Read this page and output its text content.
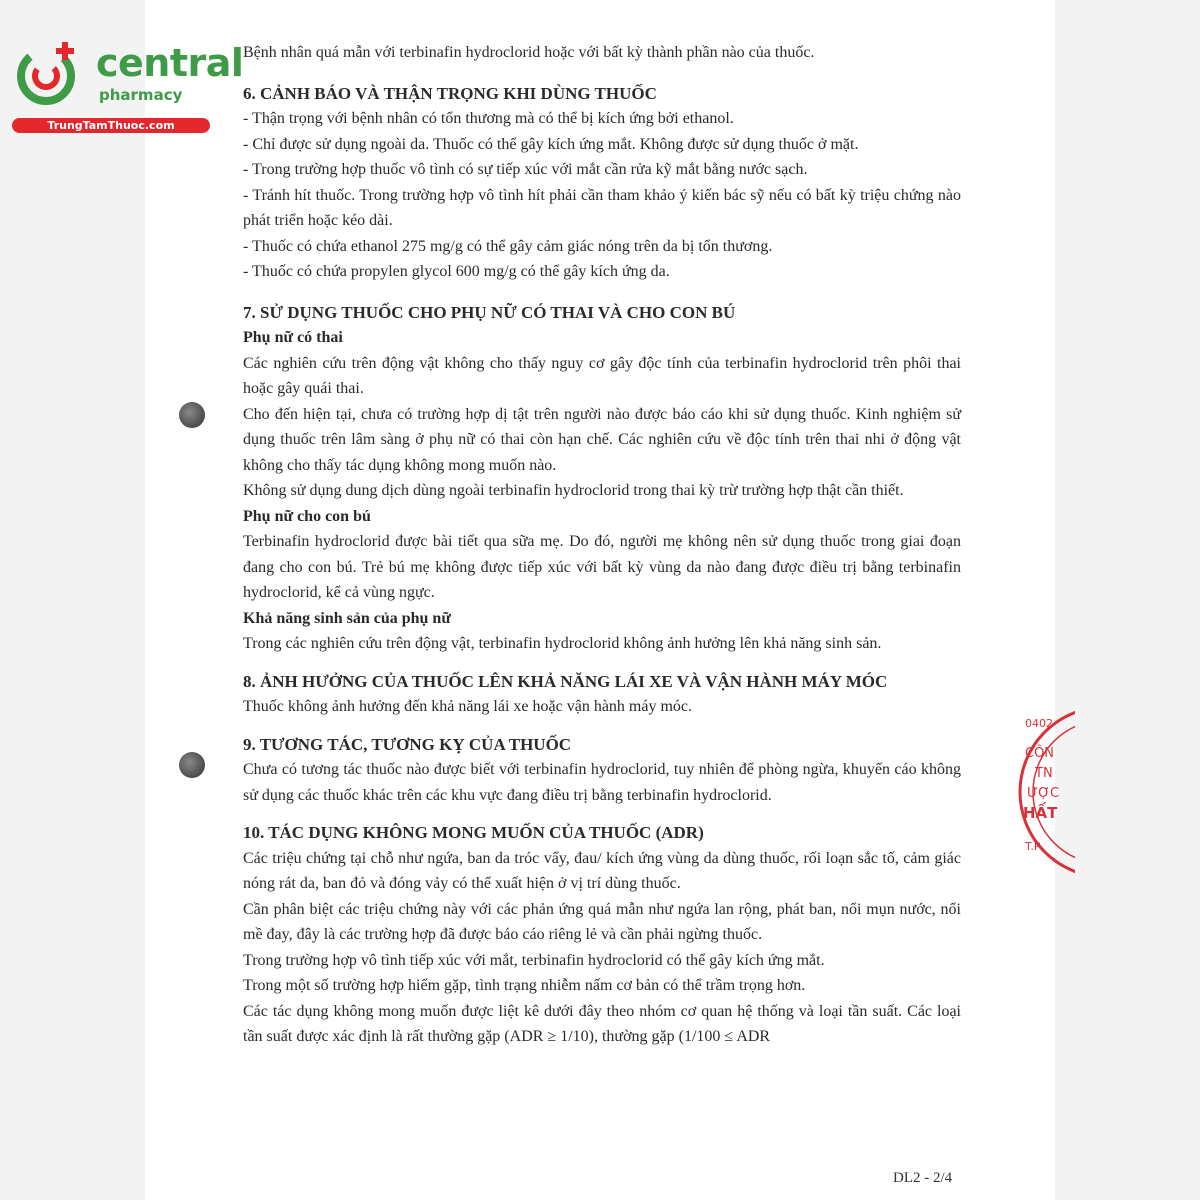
central
pharmacy
TrungTamThuoc.com
0402
CÔN
TN
ƯỢC
HẤT
T.P

Bệnh nhân quá mẫn với terbinafin hydroclorid hoặc với bất kỳ thành phần nào của thuốc.

6. CẢNH BÁO VÀ THẬN TRỌNG KHI DÙNG THUỐC

- Thận trọng với bệnh nhân có tổn thương mà có thể bị kích ứng bởi ethanol.

- Chỉ được sử dụng ngoài da. Thuốc có thể gây kích ứng mắt. Không được sử dụng thuốc ở mặt.

- Trong trường hợp thuốc vô tình có sự tiếp xúc với mắt cần rửa kỹ mắt bằng nước sạch.

- Tránh hít thuốc. Trong trường hợp vô tình hít phải cần tham khảo ý kiến bác sỹ nếu có bất kỳ triệu chứng nào phát triển hoặc kéo dài.

- Thuốc có chứa ethanol 275 mg/g có thể gây cảm giác nóng trên da bị tổn thương.

- Thuốc có chứa propylen glycol 600 mg/g có thể gây kích ứng da.

7. SỬ DỤNG THUỐC CHO PHỤ NỮ CÓ THAI VÀ CHO CON BÚ

Phụ nữ có thai

Các nghiên cứu trên động vật không cho thấy nguy cơ gây độc tính của terbinafin hydroclorid trên phôi thai hoặc gây quái thai.

Cho đến hiện tại, chưa có trường hợp dị tật trên người nào được báo cáo khi sử dụng thuốc. Kinh nghiệm sử dụng thuốc trên lâm sàng ở phụ nữ có thai còn hạn chế. Các nghiên cứu về độc tính trên thai nhi ở động vật không cho thấy tác dụng không mong muốn nào.

Không sử dụng dung dịch dùng ngoài terbinafin hydroclorid trong thai kỳ trừ trường hợp thật cần thiết.

Phụ nữ cho con bú

Terbinafin hydroclorid được bài tiết qua sữa mẹ. Do đó, người mẹ không nên sử dụng thuốc trong giai đoạn đang cho con bú. Trẻ bú mẹ không được tiếp xúc với bất kỳ vùng da nào đang được điều trị bằng terbinafin hydroclorid, kể cả vùng ngực.

Khả năng sinh sản của phụ nữ

Trong các nghiên cứu trên động vật, terbinafin hydroclorid không ảnh hưởng lên khả năng sinh sản.

8. ẢNH HƯỞNG CỦA THUỐC LÊN KHẢ NĂNG LÁI XE VÀ VẬN HÀNH MÁY MÓC

Thuốc không ảnh hưởng đến khả năng lái xe hoặc vận hành máy móc.

9. TƯƠNG TÁC, TƯƠNG KỴ CỦA THUỐC

Chưa có tương tác thuốc nào được biết với terbinafin hydroclorid, tuy nhiên để phòng ngừa, khuyến cáo không sử dụng các thuốc khác trên các khu vực đang điều trị bằng terbinafin hydroclorid.

10. TÁC DỤNG KHÔNG MONG MUỐN CỦA THUỐC (ADR)

Các triệu chứng tại chỗ như ngứa, ban da tróc vẩy, đau/ kích ứng vùng da dùng thuốc, rối loạn sắc tố, cảm giác nóng rát da, ban đỏ và đóng vảy có thể xuất hiện ở vị trí dùng thuốc.

Cần phân biệt các triệu chứng này với các phản ứng quá mẫn như ngứa lan rộng, phát ban, nổi mụn nước, nổi mề đay, đây là các trường hợp đã được báo cáo riêng lẻ và cần phải ngừng thuốc.

Trong trường hợp vô tình tiếp xúc với mắt, terbinafin hydroclorid có thể gây kích ứng mắt.

Trong một số trường hợp hiếm gặp, tình trạng nhiễm nấm cơ bản có thể trầm trọng hơn.

Các tác dụng không mong muốn được liệt kê dưới đây theo nhóm cơ quan hệ thống và loại tần suất. Các loại tần suất được xác định là rất thường gặp (ADR ≥ 1/10), thường gặp (1/100 ≤ ADR

DL2 - 2/4
